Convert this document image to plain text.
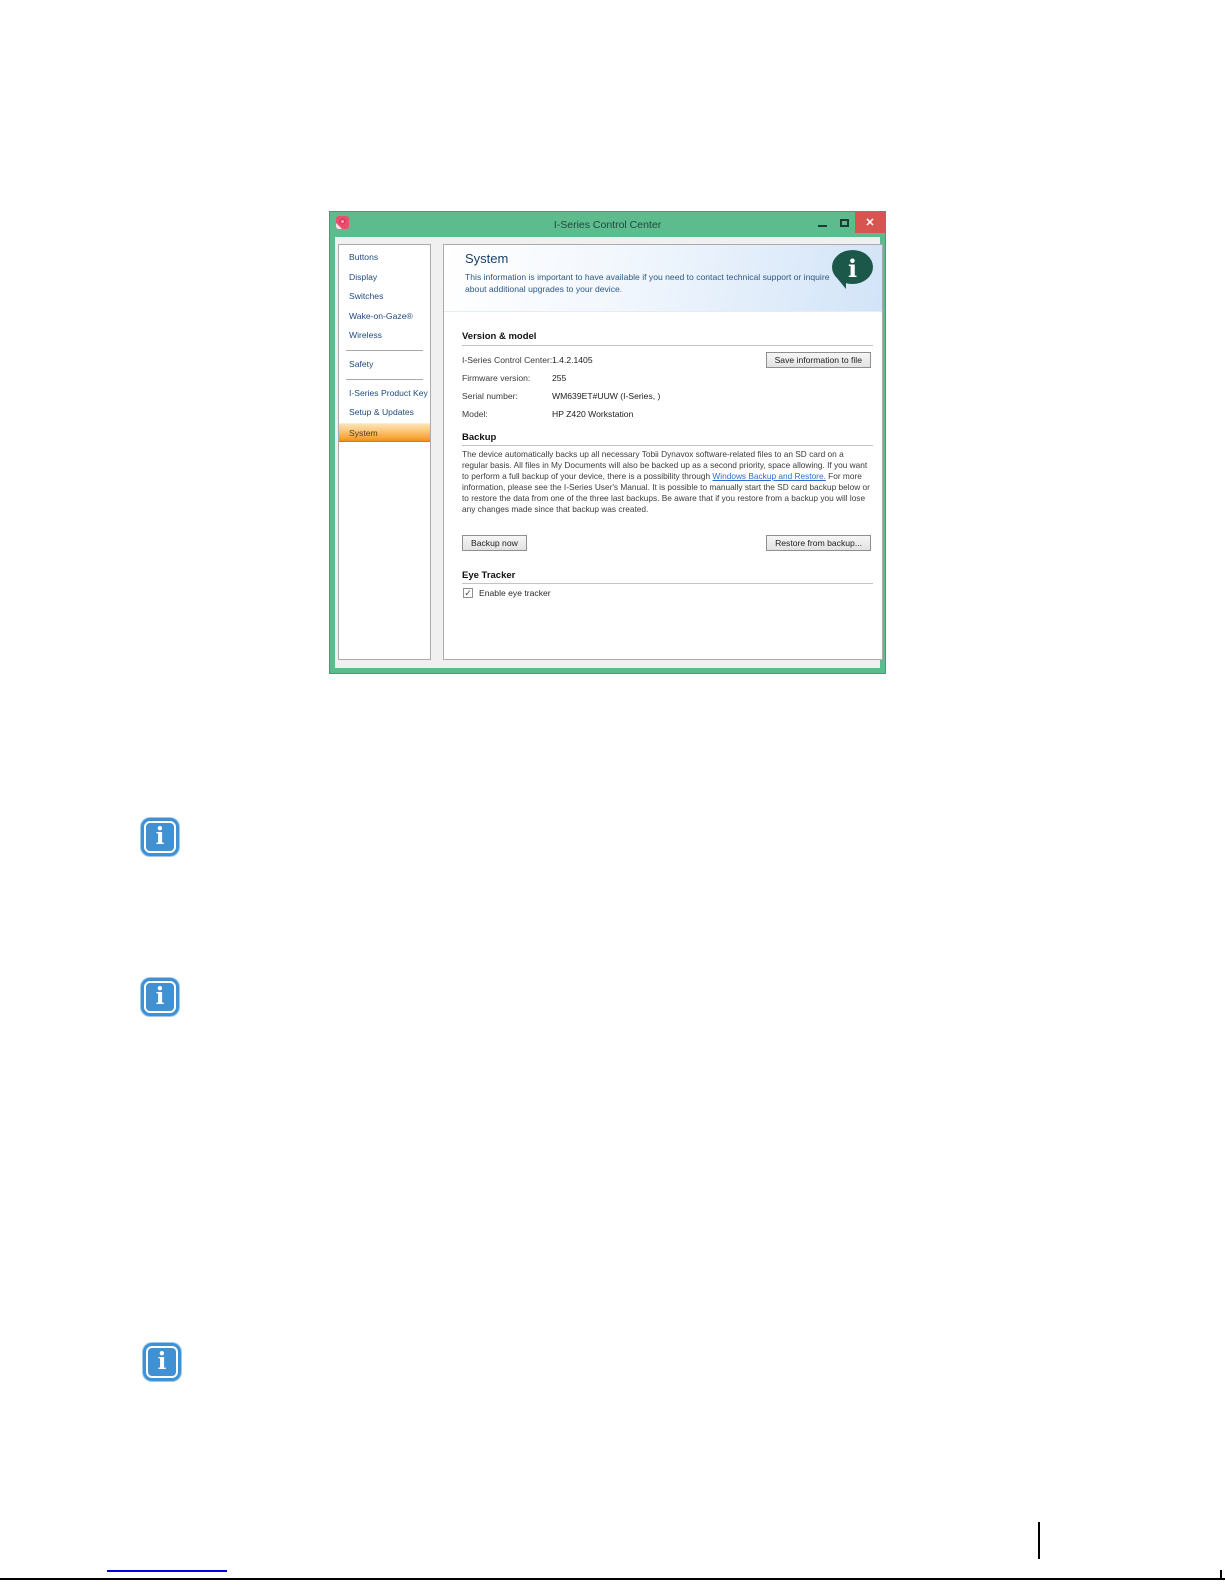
I-Series Control Center	✕
Buttons
Display
Switches
Wake-on-Gaze®
Wireless
Safety
I-Series Product Key
Setup & Updates
System
System
This information is important to have available if you need to contact technical support or inquire about additional upgrades to your device.
i
Version & model
I-Series Control Center: 1.4.2.1405
Firmware version:	255
Serial number:	WM639ET#UUW (I-Series, )
Model:	HP Z420 Workstation
Save information to file
Backup
The device automatically backs up all necessary Tobii Dynavox software-related files to an SD card on a regular basis. All files in My Documents will also be backed up as a second priority, space allowing. If you want to perform a full backup of your device, there is a possibility through Windows Backup and Restore. For more information, please see the I-Series User's Manual. It is possible to manually start the SD card backup below or to restore the data from one of the three last backups. Be aware that if you restore from a backup you will lose any changes made since that backup was created.
Backup now	Restore from backup...
Eye Tracker
✓ Enable eye tracker
i
i
i
